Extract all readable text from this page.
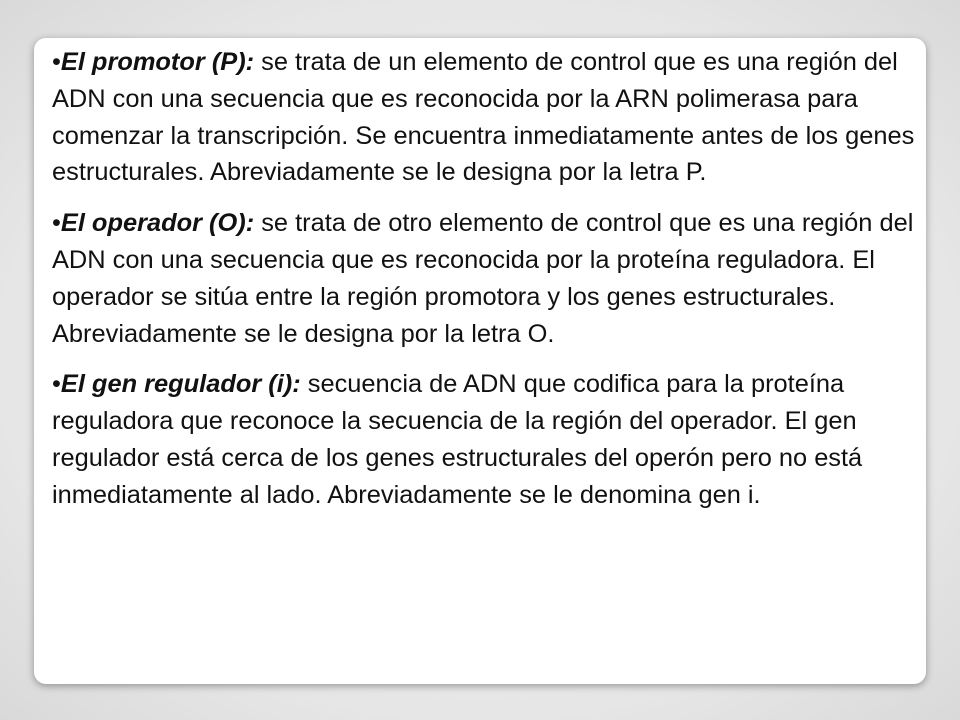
•El promotor (P): se trata de un elemento de control que es una región del ADN con una secuencia que es reconocida por la ARN polimerasa para comenzar la transcripción. Se encuentra inmediatamente antes de los genes estructurales. Abreviadamente se le designa por la letra P.

•El operador (O): se trata de otro elemento de control que es una región del ADN con una secuencia que es reconocida por la proteína reguladora. El operador se sitúa entre la región promotora y los genes estructurales. Abreviadamente se le designa por la letra O.

•El gen regulador (i): secuencia de ADN que codifica para la proteína reguladora que reconoce la secuencia de la región del operador. El gen regulador está cerca de los genes estructurales del operón pero no está inmediatamente al lado. Abreviadamente se le denomina gen i.
